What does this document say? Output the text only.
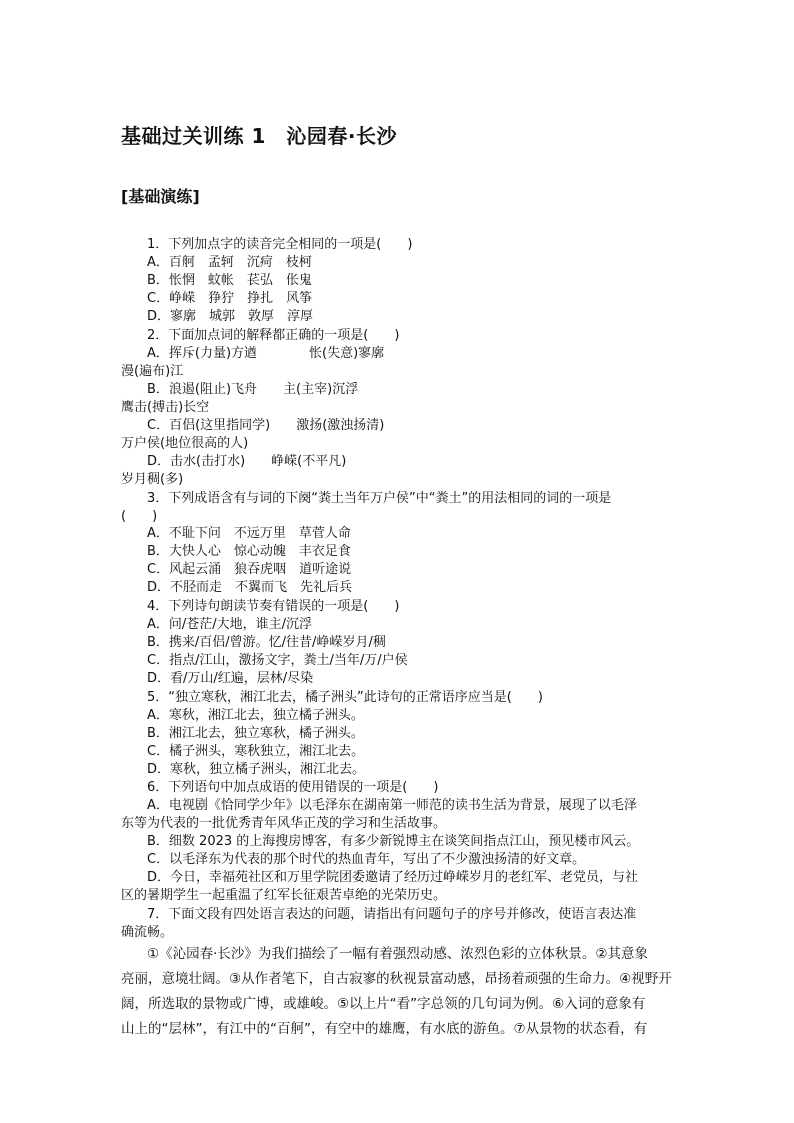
基础过关训练 1　沁园春·长沙
[基础演练]
1．下列加点字的读音完全相同的一项是(　　)
A．百舸　孟轲　沉疴　枝柯
B．怅惘　蚊帐　苌弘　伥鬼
C．峥嵘　狰狞　挣扎　风筝
D．寥廓　城郭　敦厚　淳厚
2．下面加点词的解释都正确的一项是(　　)
A．挥斥(力量)方遒　　　　怅(失意)寥廓
漫(遍布)江
B．浪遏(阻止)飞舟　　主(主宰)沉浮
鹰击(搏击)长空
C．百侣(这里指同学)　　激扬(激浊扬清)
万户侯(地位很高的人)
D．击水(击打水)　　峥嵘(不平凡)
岁月稠(多)
3．下列成语含有与词的下阕“粪土当年万户侯”中“粪土”的用法相同的词的一项是
(　　)
A．不耻下问　不远万里　草菅人命
B．大快人心　惊心动魄　丰衣足食
C．风起云涌　狼吞虎咽　道听途说
D．不胫而走　不翼而飞　先礼后兵
4．下列诗句朗读节奏有错误的一项是(　　)
A．问/苍茫/大地，谁主/沉浮
B．携来/百侣/曾游。忆/往昔/峥嵘岁月/稠
C．指点/江山，激扬文字，粪土/当年/万/户侯
D．看/万山/红遍，层林/尽染
5．“独立寒秋，湘江北去，橘子洲头”此诗句的正常语序应当是(　　)
A．寒秋，湘江北去，独立橘子洲头。
B．湘江北去，独立寒秋，橘子洲头。
C．橘子洲头，寒秋独立，湘江北去。
D．寒秋，独立橘子洲头，湘江北去。
6．下列语句中加点成语的使用错误的一项是(　　)
A．电视剧《恰同学少年》以毛泽东在湖南第一师范的读书生活为背景，展现了以毛泽
东等为代表的一批优秀青年风华正茂的学习和生活故事。
B．细数 2023 的上海搜房博客，有多少新锐博主在谈笑间指点江山，预见楼市风云。
C．以毛泽东为代表的那个时代的热血青年，写出了不少激浊扬清的好文章。
D．今日，幸福苑社区和万里学院团委邀请了经历过峥嵘岁月的老红军、老党员，与社
区的暑期学生一起重温了红军长征艰苦卓绝的光荣历史。
7．下面文段有四处语言表达的问题，请指出有问题句子的序号并修改，使语言表达准
确流畅。
①《沁园春·长沙》为我们描绘了一幅有着强烈动感、浓烈色彩的立体秋景。②其意象
亮丽，意境壮阔。③从作者笔下，自古寂寥的秋视景富动感，昂扬着顽强的生命力。④视野开
阔，所选取的景物或广博，或雄峻。⑤以上片“看”字总领的几句词为例。⑥入词的意象有
山上的“层林”，有江中的“百舸”，有空中的雄鹰，有水底的游鱼。⑦从景物的状态看，有
